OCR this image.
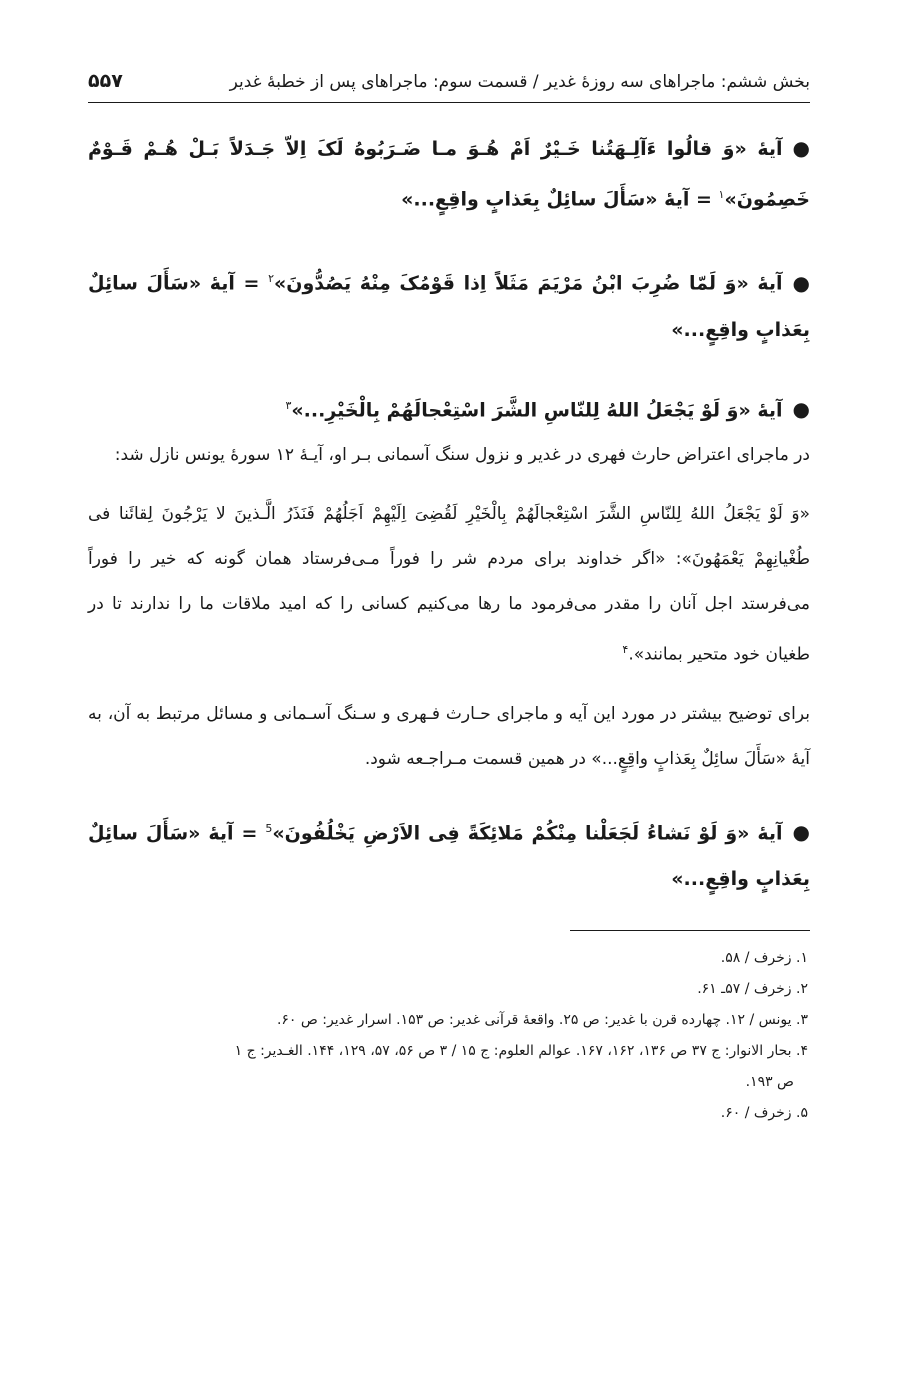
بخش ششم: ماجراهای سه روزهٔ غدیر / قسمت سوم: ماجراهای پس از خطبهٔ غدیر
۵۵۷

●آیهٔ «وَ قالُوا ءَآلِـهَتُنا خَـیْرٌ اَمْ هُـوَ مـا ضَـرَبُوهُ لَکَ اِلاّ جَـدَلاً بَـلْ هُـمْ قَـوْمٌ خَصِمُونَ»$^۱$ = آیهٔ «سَأَلَ سائِلٌ بِعَذابٍ واقِعٍ...»

●آیهٔ «وَ لَمّا ضُرِبَ ابْنُ مَرْیَمَ مَثَلاً اِذا قَوْمُکَ مِنْهُ یَصُدُّونَ»$^۲$ = آیهٔ «سَأَلَ سائِلٌ بِعَذابٍ واقِعٍ...»

●آیهٔ «وَ لَوْ یَجْعَلُ اللهُ لِلنّاسِ الشَّرَ اسْتِعْجالَهُمْ بِالْخَیْرِ...»$^۳$

در ماجرای اعتراض حارث فهری در غدیر و نزول سنگ آسمانی بـر او، آیـهٔ ۱۲ سورهٔ یونس نازل شد:

«وَ لَوْ یَجْعَلُ اللهُ لِلنّاسِ الشَّرَ اسْتِعْجالَهُمْ بِالْخَیْرِ لَقُضِیَ اِلَیْهِمْ اَجَلُهُمْ فَنَذَرُ الَّـذینَ لا یَرْجُونَ لِقائَنا فی طُغْیانِهِمْ یَعْمَهُونَ»: «اگر خداوند برای مردم شر را فوراً مـی‌فرستاد همان گونه که خیر را فوراً می‌فرستد اجل آنان را مقدر می‌فرمود ما رها می‌کنیم کسانی را که امید ملاقات ما را ندارند تا در طغیان خود متحیر بمانند».$^۴$

برای توضیح بیشتر در مورد این آیه و ماجرای حـارث فـهری و سـنگ آسـمانی و مسائل مرتبط به آن، به آیهٔ «سَأَلَ سائِلٌ بِعَذابٍ واقِعٍ...» در همین قسمت مـراجـعه شود.

●آیهٔ «وَ لَوْ نَشاءُ لَجَعَلْنا مِنْکُمْ مَلائِکَةً فِی الاَرْضِ یَخْلُفُونَ»$^5$ = آیهٔ «سَأَلَ سائِلٌ بِعَذابٍ واقِعٍ...»

۱. زخرف / ۵۸.

۲. زخرف / ۵۷ـ ۶۱.

۳. یونس / ۱۲. چهارده قرن با غدیر: ص ۲۵. واقعهٔ قرآنی غدیر: ص ۱۵۳. اسرار غدیر: ص ۶۰.

۴. بحار الانوار: ج ۳۷ ص ۱۳۶، ۱۶۲، ۱۶۷. عوالم العلوم: ج ۱۵ / ۳ ص ۵۶، ۵۷، ۱۲۹، ۱۴۴. الغـدیر: ج ۱
ص ۱۹۳.

۵. زخرف / ۶۰.
